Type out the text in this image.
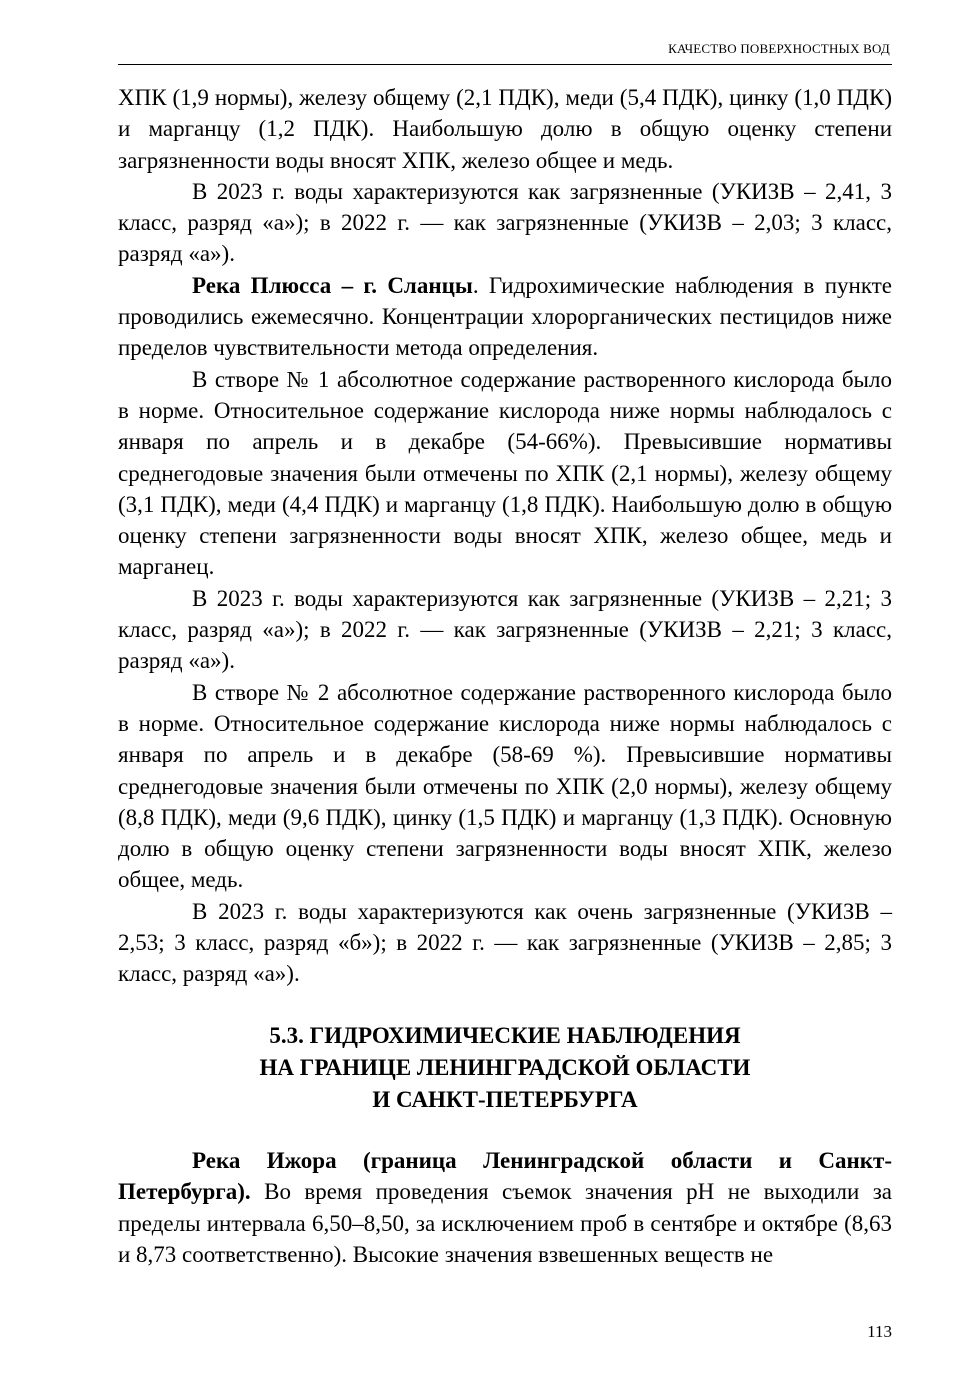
КАЧЕСТВО ПОВЕРХНОСТНЫХ ВОД

ХПК (1,9 нормы), железу общему (2,1 ПДК), меди (5,4 ПДК), цинку (1,0 ПДК) и марганцу (1,2 ПДК). Наибольшую долю в общую оценку степени загрязненности воды вносят ХПК, железо общее и медь.

В 2023 г. воды характеризуются как загрязненные (УКИЗВ – 2,41, 3 класс, разряд «а»); в 2022 г. — как загрязненные (УКИЗВ – 2,03; 3 класс, разряд «а»).

Река Плюсса – г. Сланцы. Гидрохимические наблюдения в пункте проводились ежемесячно. Концентрации хлорорганических пестицидов ниже пределов чувствительности метода определения.

В створе № 1 абсолютное содержание растворенного кислорода было в норме. Относительное содержание кислорода ниже нормы наблюдалось с января по апрель и в декабре (54-66%). Превысившие нормативы среднегодовые значения были отмечены по ХПК (2,1 нормы), железу общему (3,1 ПДК), меди (4,4 ПДК) и марганцу (1,8 ПДК). Наибольшую долю в общую оценку степени загрязненности воды вносят ХПК, железо общее, медь и марганец.

В 2023 г. воды характеризуются как загрязненные (УКИЗВ – 2,21; 3 класс, разряд «а»); в 2022 г. — как загрязненные (УКИЗВ – 2,21; 3 класс, разряд «а»).

В створе № 2 абсолютное содержание растворенного кислорода было в норме. Относительное содержание кислорода ниже нормы наблюдалось с января по апрель и в декабре (58-69 %). Превысившие нормативы среднегодовые значения были отмечены по ХПК (2,0 нормы), железу общему (8,8 ПДК), меди (9,6 ПДК), цинку (1,5 ПДК) и марганцу (1,3 ПДК). Основную долю в общую оценку степени загрязненности воды вносят ХПК, железо общее, медь.

В 2023 г. воды характеризуются как очень загрязненные (УКИЗВ – 2,53; 3 класс, разряд «б»); в 2022 г. — как загрязненные (УКИЗВ – 2,85; 3 класс, разряд «а»).

5.3. ГИДРОХИМИЧЕСКИЕ НАБЛЮДЕНИЯ
НА ГРАНИЦЕ ЛЕНИНГРАДСКОЙ ОБЛАСТИ
И САНКТ-ПЕТЕРБУРГА

Река Ижора (граница Ленинградской области и Санкт-Петербурга). Во время проведения съемок значения pH не выходили за пределы интервала 6,50–8,50, за исключением проб в сентябре и октябре (8,63 и 8,73 соответственно). Высокие значения взвешенных веществ не

113
